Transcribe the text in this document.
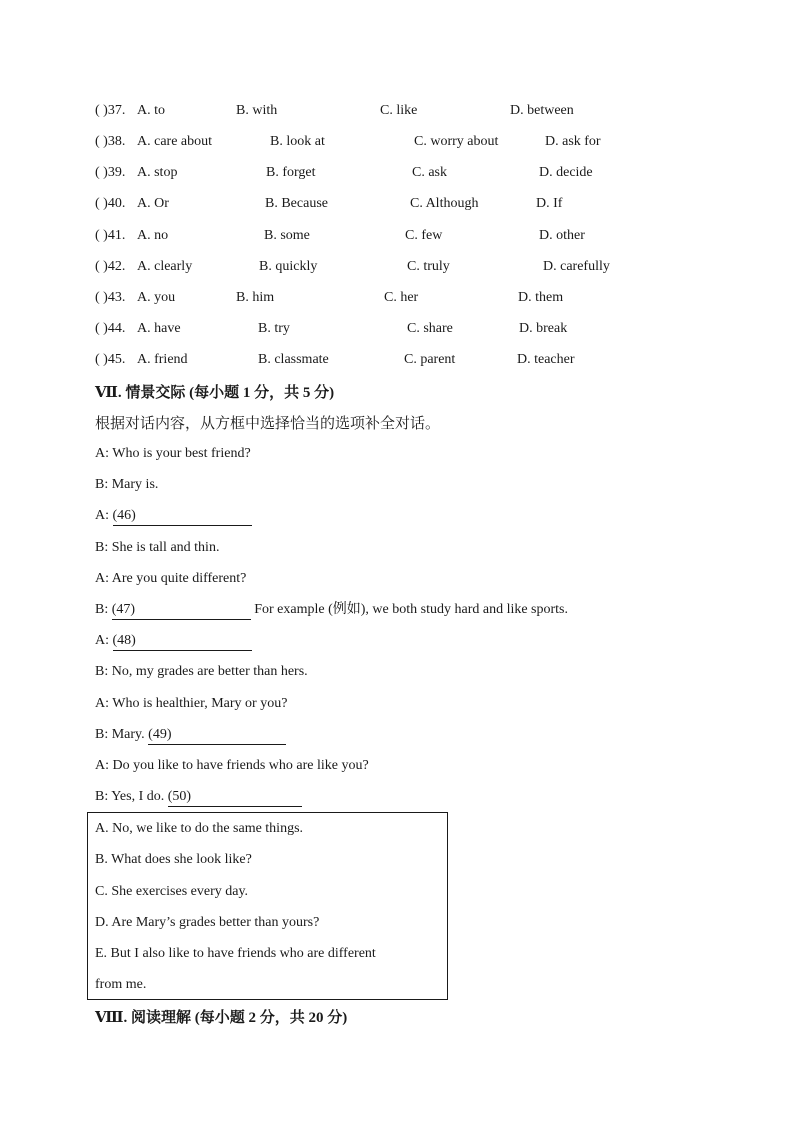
( )37. A. to	B. with	C. like	D. between
( )38. A. care about	B. look at	C. worry about	D. ask for
( )39. A. stop	B. forget	C. ask	D. decide
( )40. A. Or	B. Because	C. Although	D. If
( )41. A. no	B. some	C. few	D. other
( )42. A. clearly	B. quickly	C. truly	D. carefully
( )43. A. you	B. him	C. her	D. them
( )44. A. have	B. try	C. share	D. break
( )45. A. friend	B. classmate	C. parent	D. teacher
Ⅶ. 情景交际 (每小题 1 分，共 5 分)
根据对话内容，从方框中选择恰当的选项补全对话。
A: Who is your best friend?
B: Mary is.
A: (46)
B: She is tall and thin.
A: Are you quite different?
B: (47)	For example (例如), we both study hard and like sports.
A: (48)
B: No, my grades are better than hers.
A: Who is healthier, Mary or you?
B: Mary. (49)
A: Do you like to have friends who are like you?
B: Yes, I do. (50)
A. No, we like to do the same things.
B. What does she look like?
C. She exercises every day.
D. Are Mary’s grades better than yours?
E. But I also like to have friends who are different
from me.
Ⅷ. 阅读理解 (每小题 2 分，共 20 分)
